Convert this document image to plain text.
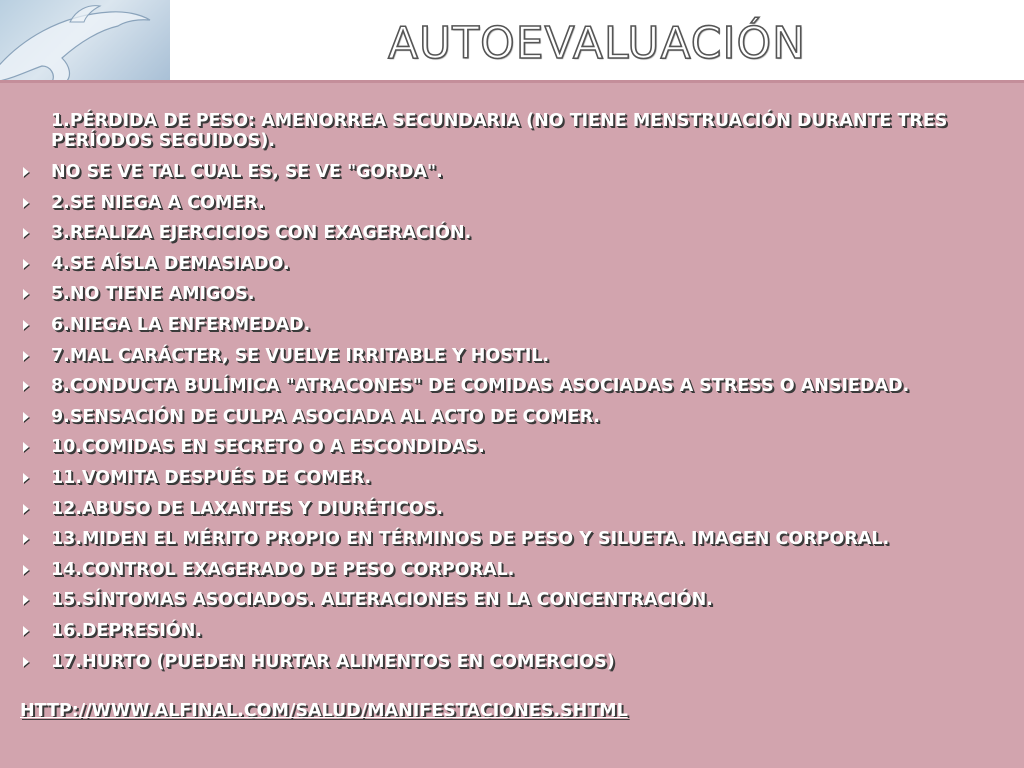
AUTOEVALUACIÓN
1.PÉRDIDA DE PESO: AMENORREA SECUNDARIA (NO TIENE MENSTRUACIÓN DURANTE TRES PERÍODOS SEGUIDOS).
NO SE VE TAL CUAL ES, SE VE "GORDA".
2.SE NIEGA A COMER.
3.REALIZA EJERCICIOS CON EXAGERACIÓN.
4.SE AÍSLA DEMASIADO.
5.NO TIENE AMIGOS.
6.NIEGA LA ENFERMEDAD.
7.MAL CARÁCTER, SE VUELVE IRRITABLE Y HOSTIL.
8.CONDUCTA BULÍMICA "ATRACONES" DE COMIDAS ASOCIADAS A STRESS O ANSIEDAD.
9.SENSACIÓN DE CULPA ASOCIADA AL ACTO DE COMER.
10.COMIDAS EN SECRETO O A ESCONDIDAS.
11.VOMITA DESPUÉS DE COMER.
12.ABUSO DE LAXANTES Y DIURÉTICOS.
13.MIDEN EL MÉRITO PROPIO EN TÉRMINOS DE PESO Y SILUETA. IMAGEN CORPORAL.
14.CONTROL EXAGERADO DE PESO CORPORAL.
15.SÍNTOMAS ASOCIADOS. ALTERACIONES EN LA CONCENTRACIÓN.
16.DEPRESIÓN.
17.HURTO (PUEDEN HURTAR ALIMENTOS EN COMERCIOS)
HTTP://WWW.ALFINAL.COM/SALUD/MANIFESTACIONES.SHTML
